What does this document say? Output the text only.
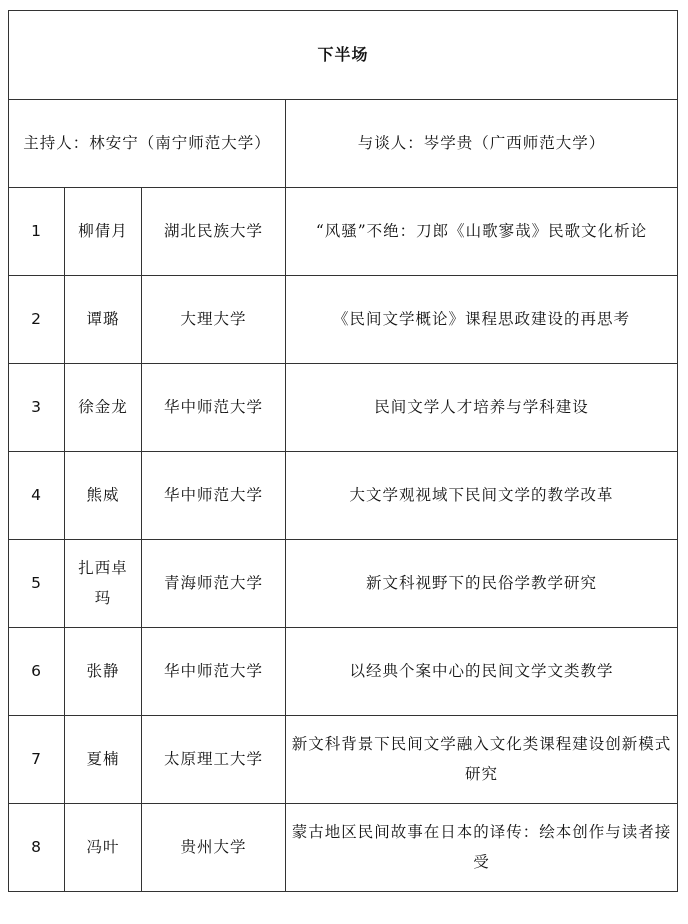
下半场			
主持人：林安宁（南宁师范大学）			与谈人：岑学贵（广西师范大学）
1	柳倩月	湖北民族大学	“风骚”不绝：刀郎《山歌寥哉》民歌文化析论
2	谭璐	大理大学	《民间文学概论》课程思政建设的再思考
3	徐金龙	华中师范大学	民间文学人才培养与学科建设
4	熊威	华中师范大学	大文学观视域下民间文学的教学改革
5	扎西卓玛	青海师范大学	新文科视野下的民俗学教学研究
6	张静	华中师范大学	以经典个案中心的民间文学文类教学
7	夏楠	太原理工大学	新文科背景下民间文学融入文化类课程建设创新模式研究
8	冯叶	贵州大学	蒙古地区民间故事在日本的译传：绘本创作与读者接受
